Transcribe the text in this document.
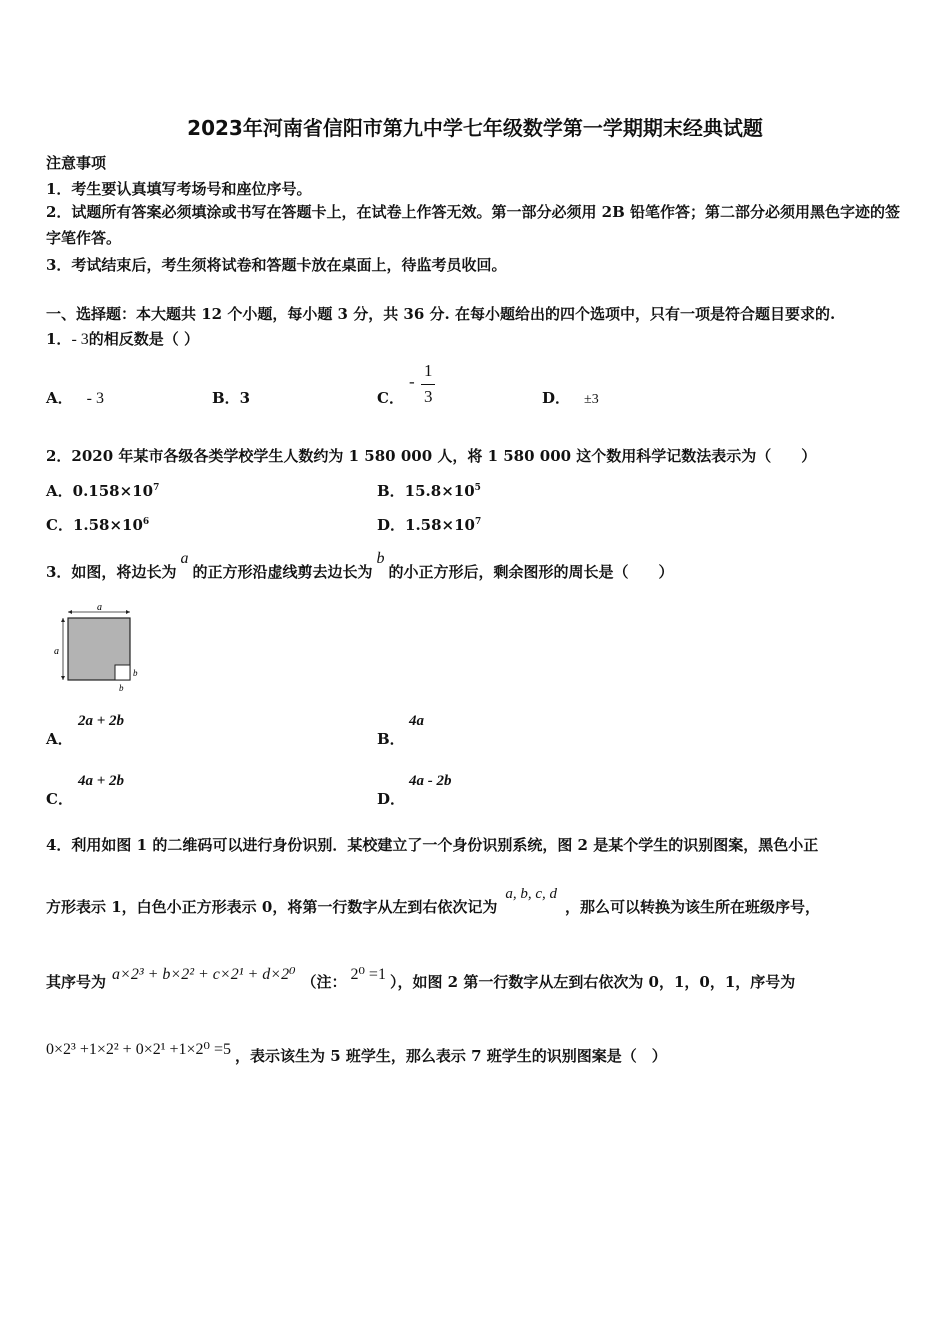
2023年河南省信阳市第九中学七年级数学第一学期期末经典试题
注意事项
1．考生要认真填写考场号和座位序号。
2．试题所有答案必须填涂或书写在答题卡上，在试卷上作答无效。第一部分必须用 2B 铅笔作答；第二部分必须用黑色字迹的签字笔作答。
3．考试结束后，考生须将试卷和答题卡放在桌面上，待监考员收回。
一、选择题：本大题共 12 个小题，每小题 3 分，共 36 分. 在每小题给出的四个选项中，只有一项是符合题目要求的.
1．- 3的相反数是（ ）
A． - 3	B．3	C．
-
1
3	D． ±3
2．2020 年某市各级各类学校学生人数约为 1 580 000 人，将 1 580 000 这个数用科学记数法表示为（　　）
A．$0.158\times 10^7$	B．$15.8\times 10^5$
C．$1.58\times 10^6$	D．$1.58\times 10^7$
3．如图，将边长为a的正方形沿虚线剪去边长为b的小正方形后，剩余图形的周长是（　　）
a
a
b
b
A．
2a + 2b
B．
4a
C．
4a + 2b
D．
4a - 2b
4．利用如图 1 的二维码可以进行身份识别．某校建立了一个身份识别系统，图 2 是某个学生的识别图案，黑色小正
方形表示 1，白色小正方形表示 0，将第一行数字从左到右依次记为a, b, c, d，那么可以转换为该生所在班级序号，
其序号为 a×2³ + b×2² + c×2¹ + d×2⁰ （注： 2⁰ =1 ），如图 2 第一行数字从左到右依次为 0，1，0，1，序号为
0×2³ +1×2² + 0×2¹ +1×2⁰ =5 ，表示该生为 5 班学生，那么表示 7 班学生的识别图案是（　）
